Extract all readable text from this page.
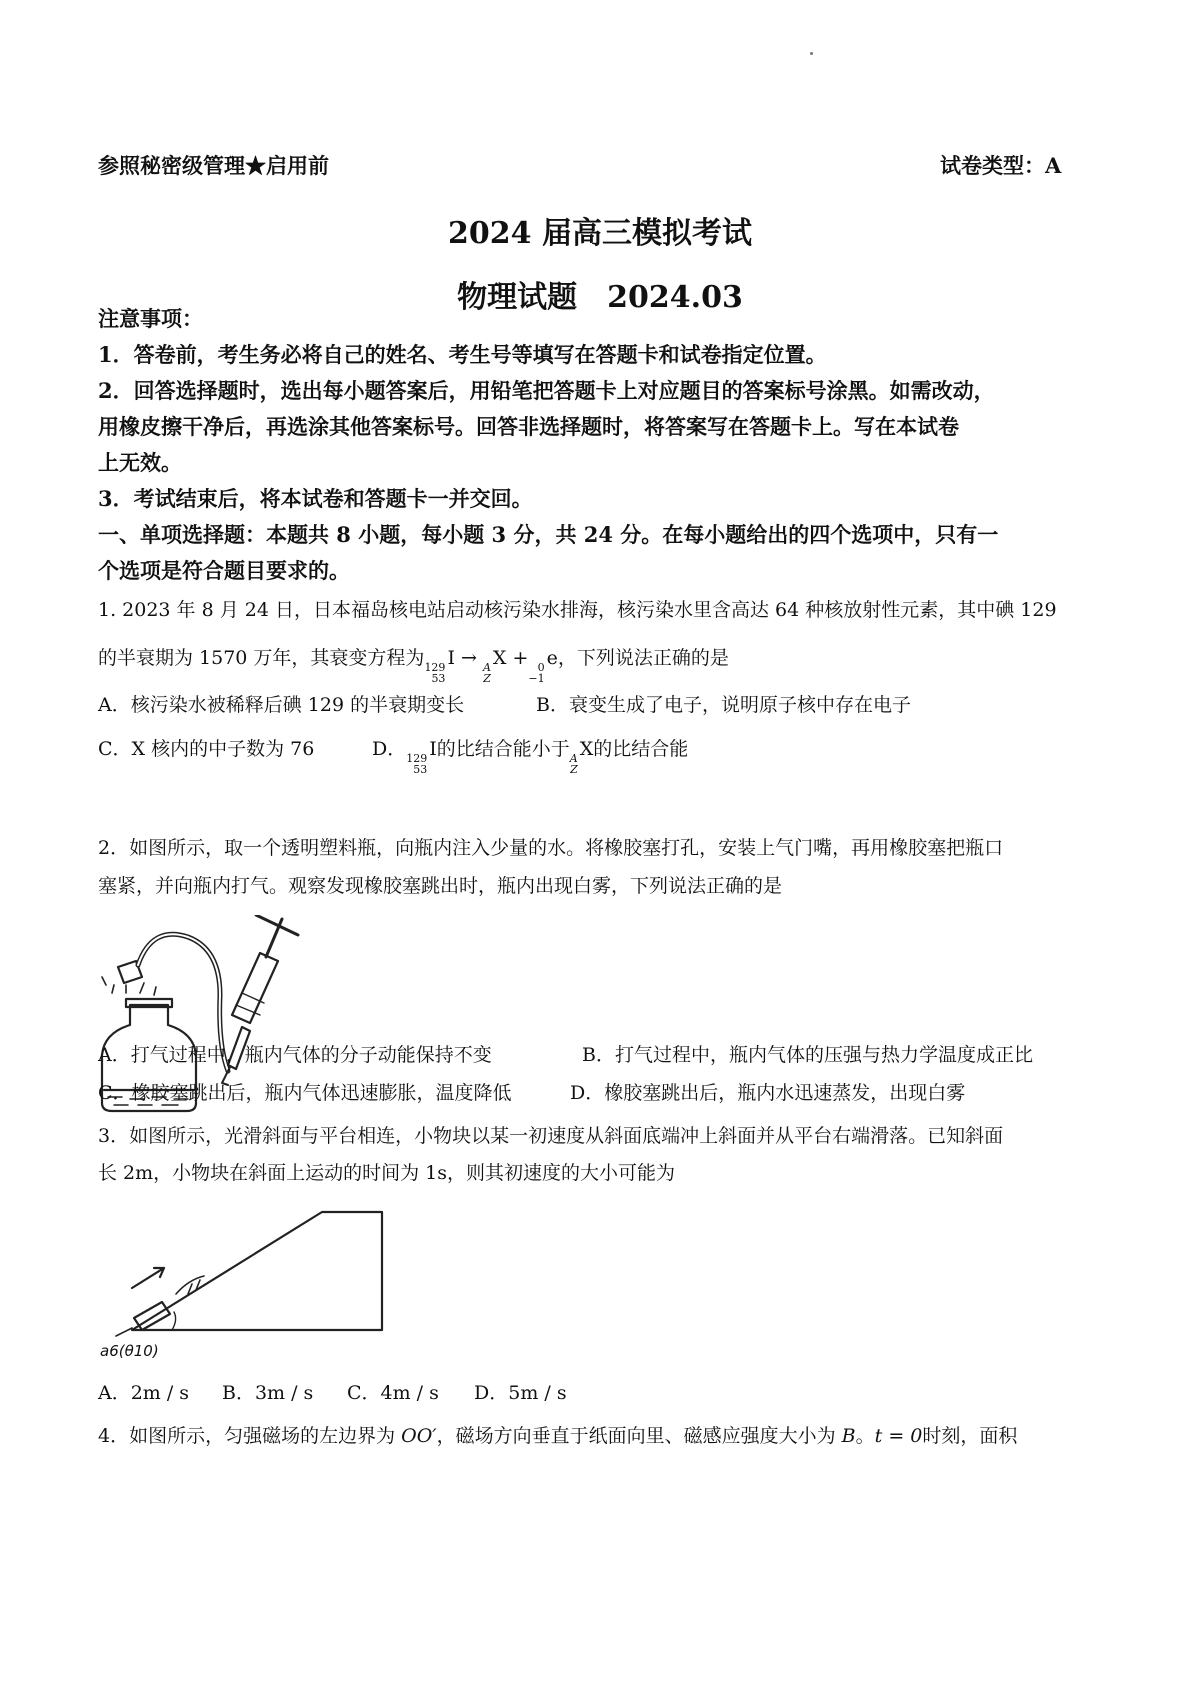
参照秘密级管理★启用前	试卷类型：A
2024 届高三模拟考试
物理试题 2024.03
注意事项：
1．答卷前，考生务必将自己的姓名、考生号等填写在答题卡和试卷指定位置。
2．回答选择题时，选出每小题答案后，用铅笔把答题卡上对应题目的答案标号涂黑。如需改动，
用橡皮擦干净后，再选涂其他答案标号。回答非选择题时，将答案写在答题卡上。写在本试卷
上无效。
3．考试结束后，将本试卷和答题卡一并交回。
一、单项选择题：本题共 8 小题，每小题 3 分，共 24 分。在每小题给出的四个选项中，只有一
个选项是符合题目要求的。
1. 2023 年 8 月 24 日，日本福岛核电站启动核污染水排海，核污染水里含高达 64 种核放射性元素，其中碘 129
的半衰期为 1570 万年，其衰变方程为 129
53
I → A
Z
X + 0
−1
e，下列说法正确的是
A．核污染水被稀释后碘 129 的半衰期变长	B．衰变生成了电子，说明原子核中存在电子
C．X 核内的中子数为 76	D． 129
53
I的比结合能小于 A
Z
X的比结合能
2．如图所示，取一个透明塑料瓶，向瓶内注入少量的水。将橡胶塞打孔，安装上气门嘴，再用橡胶塞把瓶口
塞紧，并向瓶内打气。观察发现橡胶塞跳出时，瓶内出现白雾，下列说法正确的是
A．打气过程中，瓶内气体的分子动能保持不变	B．打气过程中，瓶内气体的压强与热力学温度成正比
C．橡胶塞跳出后，瓶内气体迅速膨胀，温度降低	D．橡胶塞跳出后，瓶内水迅速蒸发，出现白雾
3．如图所示，光滑斜面与平台相连，小物块以某一初速度从斜面底端冲上斜面并从平台右端滑落。已知斜面
长 2m，小物块在斜面上运动的时间为 1s，则其初速度的大小可能为
a6(θ10)
A．2m / s B．3m / s C．4m / s D．5m / s
4．如图所示，匀强磁场的左边界为 OO′，磁场方向垂直于纸面向里、磁感应强度大小为 B。t = 0时刻，面积
